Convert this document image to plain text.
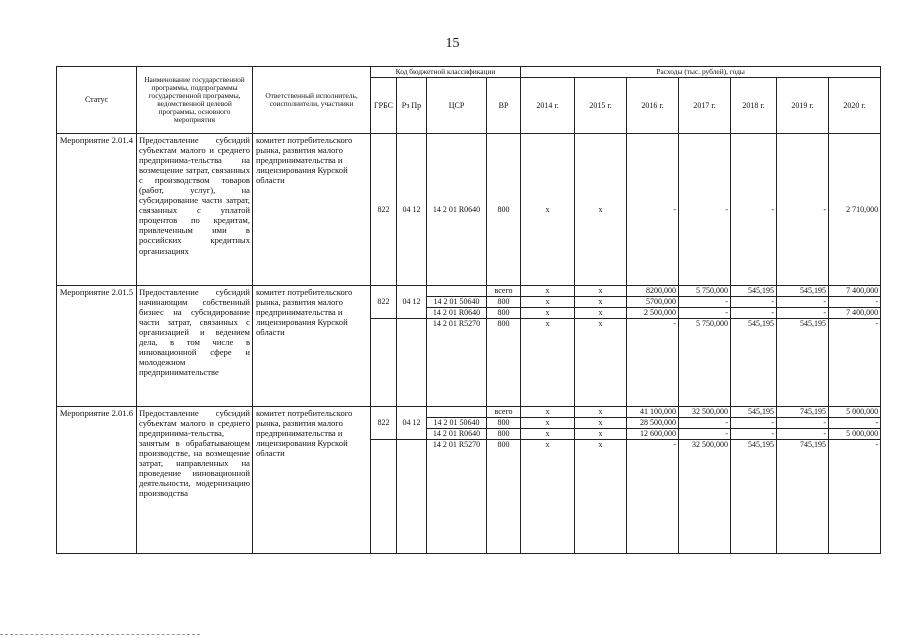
15
Статус	Наименование государственной программы, подпрограммы государственной программы, ведомственной целевой программы, основного мероприятия	Ответственный исполнитель, соисполнители, участники	Код бюджетной классификации				Расходы (тыс. рублей), годы						
			ГРБС	Рз Пр	ЦСР	ВР	2014 г.	2015 г.	2016 г.	2017 г.	2018 г.	2019 г.	2020 г.
Мероприятие 2.01.4	Предоставление субсидий субъектам малого и среднего предпринима-тельства на возмещение затрат, связанных с производством товаров (работ, услуг), на субсидирование части затрат, связанных с уплатой процентов по кредитам, привлеченным ими в российских кредитных организациях	комитет потребительского рынка, развития малого предпринимательства и лицензирования Курской области	822	04 12	14 2 01 R0640	800	x	x	-	-	-	-	2 710,000
Мероприятие 2.01.5	Предоставление субсидий начинающим собственный бизнес на субсидирование части затрат, связанных с организацией и ведением дела, в том числе в инновационной сфере и молодежном предпринимательстве	комитет потребительского рынка, развития малого предпринимательства и лицензирования Курской области	822	04 12		всего	x	x	8200,000	5 750,000	545,195	545,195	7 400,000
					14 2 01 50640	800	x	x	5700,000	-	-	-	-
					14 2 01 R0640	800	x	x	2 500,000	-	-	-	7 400,000
					14 2 01 R5270	800	x	x	-	5 750,000	545,195	545,195	-

Мероприятие 2.01.6	Предоставление субсидий субъектам малого и среднего предпринима-тельства, занятым в обрабатывающем производстве, на возмещение затрат, направленных на проведение инновационной деятельности, модернизацию производства	комитет потребительского рынка, развития малого предпринимательства и лицензирования Курской области	822	04 12		всего	x	x	41 100,000	32 500,000	545,195	745,195	5 000,000
					14 2 01 50640	800	x	x	28 500,000	-	-	-	-
					14 2 01 R0640	800	x	x	12 600,000	-	-	-	5 000,000
					14 2 01 R5270	800	x	x	-	32 500,000	545,195	745,195	-
